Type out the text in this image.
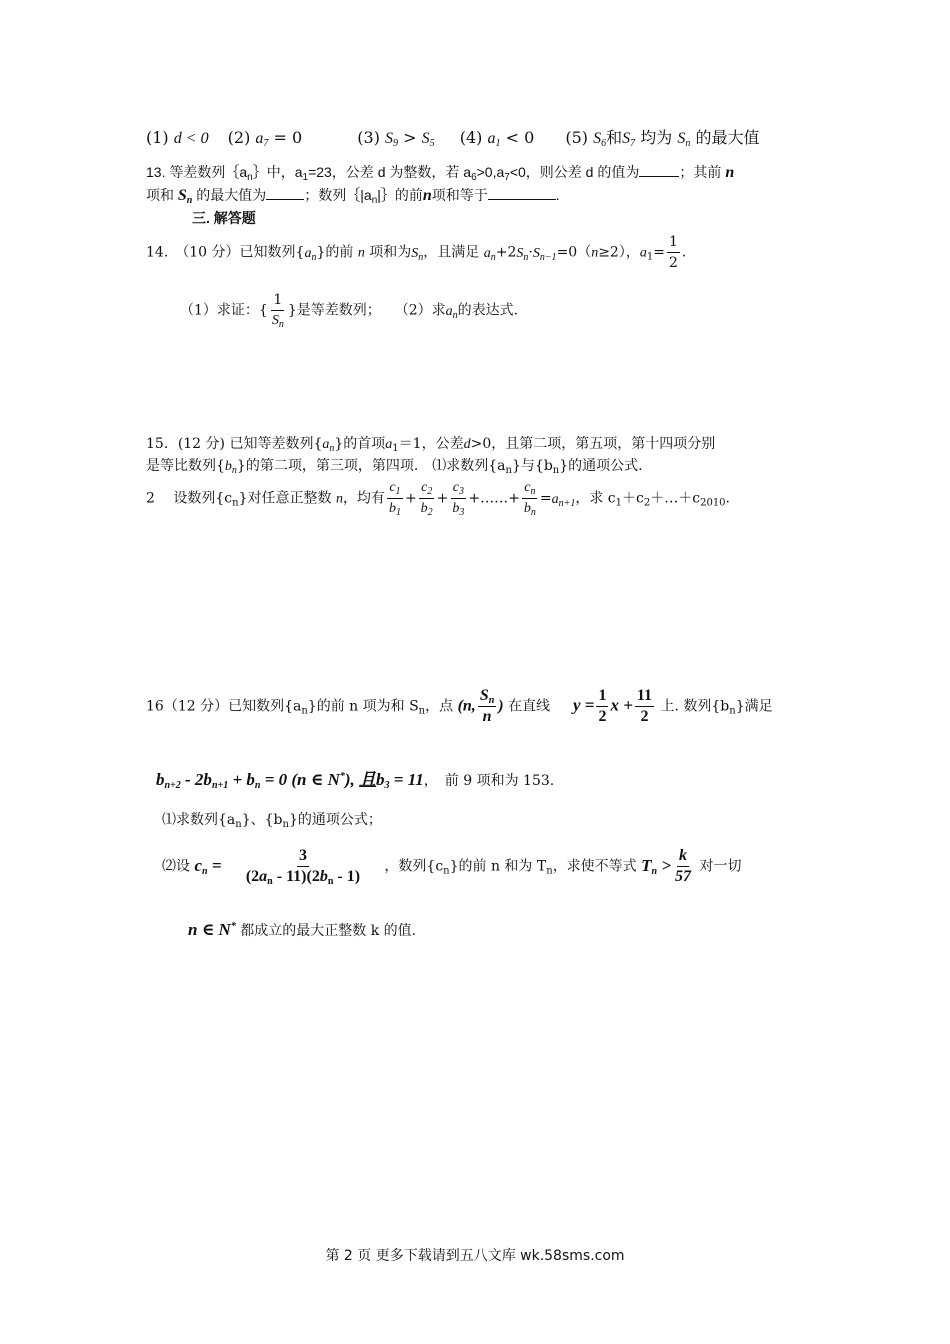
(1) d < 0 (2) $a_7 = 0$	(3) $S_9 > S_5$ (4) $a_1 < 0$ (5) $S_6$和$S_7$ 均为 $S_n$ 的最大值
13. 等差数列$\{a_n\}$中，$a_1=23$，公差 d 为整数，若 $a_6>0,a_7<0$，则公差 d 的值为	；其前 n
项和 $S_n$ 的最大值为	；数列$\{|a_n|\}$的前n项和等于	.
三. 解答题
14.　（10 分）已知数列$\{a_n\}$的前 n 项和为$S_n$，且满足 $a_n+2S_n\cdot S_{n-1}=0(n\ge 2)$，$a_1= \frac{1}{2}$ .
（1）求证：{ $\frac{1}{S_n}$ }是等差数列；　　（2）求$a_n$的表达式.
15．(12 分) 已知等差数列$\{a_n\}$的首项$a_1=1$，公差d>0，且第二项，第五项，第十四项分别
是等比数列$\{b_n\}$的第二项，第三项，第四项.　⑴求数列$\{a_n\}$与$\{b_n\}$的通项公式.
2　 设数列$\{c_n\}$对任意正整数 n，均有 $\frac{c_1}{b_1} + \frac{c_2}{b_2} + \frac{c_3}{b_3}$ +……+ $\frac{c_n}{b_n} =a_{n+1}$，求 $c_1+c_2+\dots+c_{2010}$.
16（12 分）已知数列$\{a_n\}$的前 n 项为和 $S_n$，点 (n, $\frac{S_n}{n}$ ) 在直线 $y = \frac{1}{2}$ $x + \frac{11}{2}$ 上. 数列$\{b_n\}$满足
$b_{n+2} - 2b_{n+1} + b_n = 0$ (n ∈ N*), 且$b_3 = 11$，　前 9 项和为 153.
⑴求数列$\{a_n\}$、$\{b_n\}$的通项公式；
⑵设 $c_n = \frac{3}{(2a_n - 11)(2b_n - 1)}$ ，数列$\{c_n\}$的前 n 和为 $T_n$，求使不等式 $T_n > \frac{k}{57}$ 对一切
n ∈ N* 都成立的最大正整数 k 的值.
第 2 页 更多下载请到五八文库 wk.58sms.com
